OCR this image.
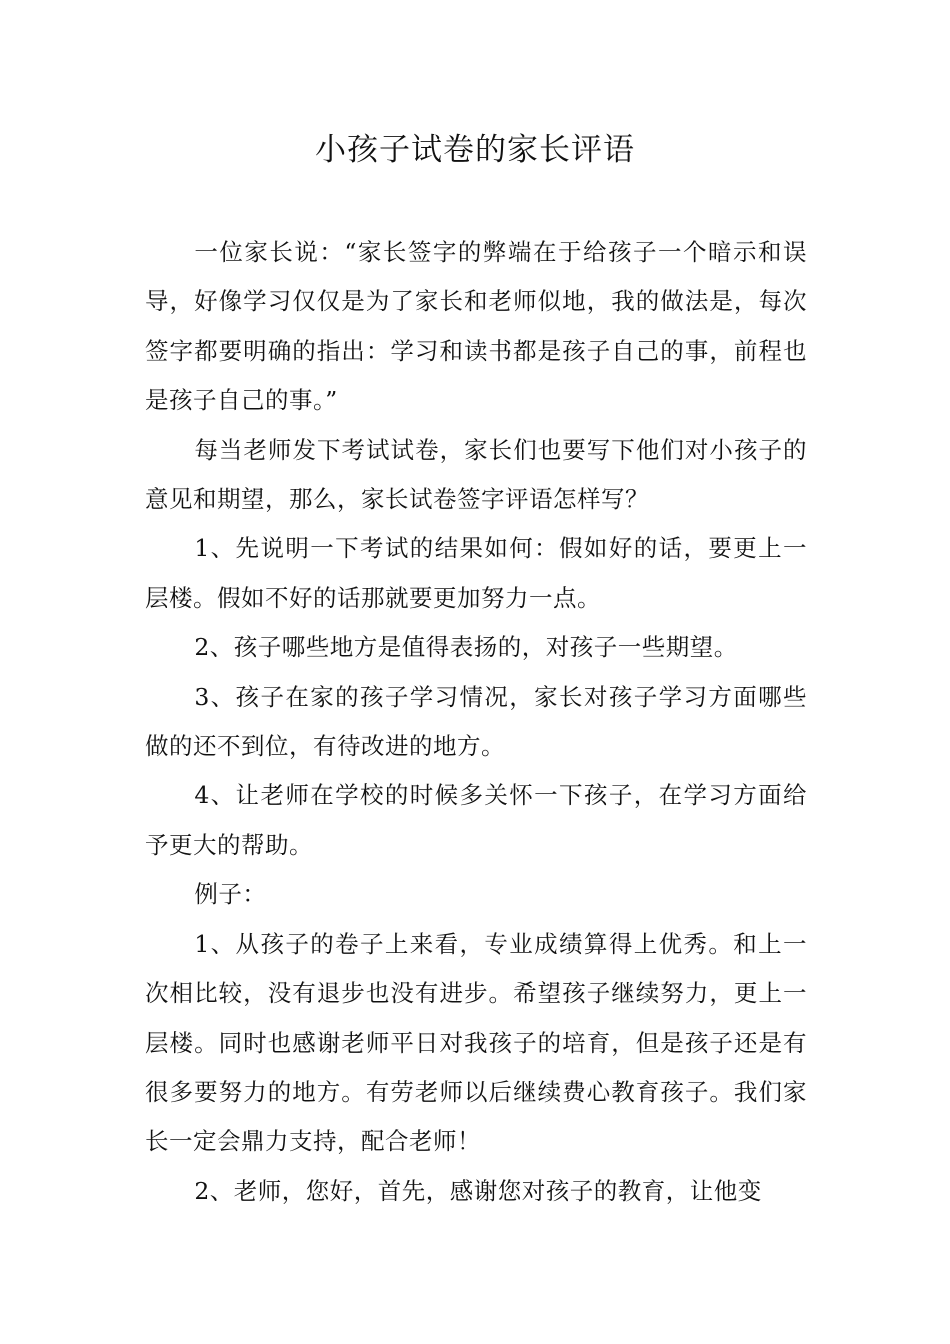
小孩子试卷的家长评语

一位家长说：“家长签字的弊端在于给孩子一个暗示和误导，好像学习仅仅是为了家长和老师似地，我的做法是，每次签字都要明确的指出：学习和读书都是孩子自己的事，前程也是孩子自己的事。”

每当老师发下考试试卷，家长们也要写下他们对小孩子的意见和期望，那么，家长试卷签字评语怎样写？

1、先说明一下考试的结果如何：假如好的话，要更上一层楼。假如不好的话那就要更加努力一点。

2、孩子哪些地方是值得表扬的，对孩子一些期望。

3、孩子在家的孩子学习情况，家长对孩子学习方面哪些做的还不到位，有待改进的地方。

4、让老师在学校的时候多关怀一下孩子，在学习方面给予更大的帮助。

例子：

1、从孩子的卷子上来看，专业成绩算得上优秀。和上一次相比较，没有退步也没有进步。希望孩子继续努力，更上一层楼。同时也感谢老师平日对我孩子的培育，但是孩子还是有很多要努力的地方。有劳老师以后继续费心教育孩子。我们家长一定会鼎力支持，配合老师！

2、老师，您好，首先，感谢您对孩子的教育，让他变
